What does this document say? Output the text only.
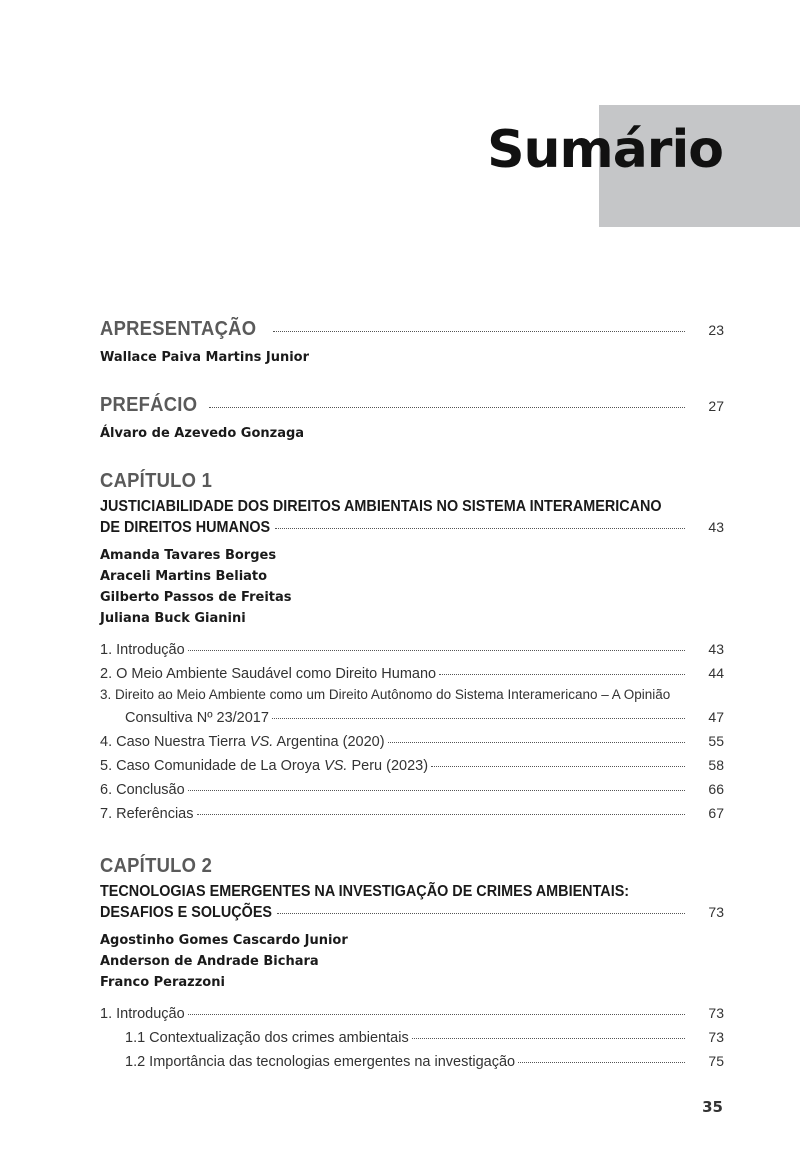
Sumário
APRESENTAÇÃO	23
Wallace Paiva Martins Junior
PREFÁCIO	27
Álvaro de Azevedo Gonzaga
CAPÍTULO 1
JUSTICIABILIDADE DOS DIREITOS AMBIENTAIS NO SISTEMA INTERAMERICANO
DE DIREITOS HUMANOS	43
Amanda Tavares Borges
Araceli Martins Beliato
Gilberto Passos de Freitas
Juliana Buck Gianini
1. Introdução	43
2. O Meio Ambiente Saudável como Direito Humano	44
3. Direito ao Meio Ambiente como um Direito Autônomo do Sistema Interamericano – A Opinião
Consultiva Nº 23/2017	47
4. Caso Nuestra Tierra VS. Argentina (2020)	55
5. Caso Comunidade de La Oroya VS. Peru (2023)	58
6. Conclusão	66
7. Referências	67
CAPÍTULO 2
TECNOLOGIAS EMERGENTES NA INVESTIGAÇÃO DE CRIMES AMBIENTAIS:
DESAFIOS E SOLUÇÕES	73
Agostinho Gomes Cascardo Junior
Anderson de Andrade Bichara
Franco Perazzoni
1. Introdução	73
1.1 Contextualização dos crimes ambientais	73
1.2 Importância das tecnologias emergentes na investigação	75

35
